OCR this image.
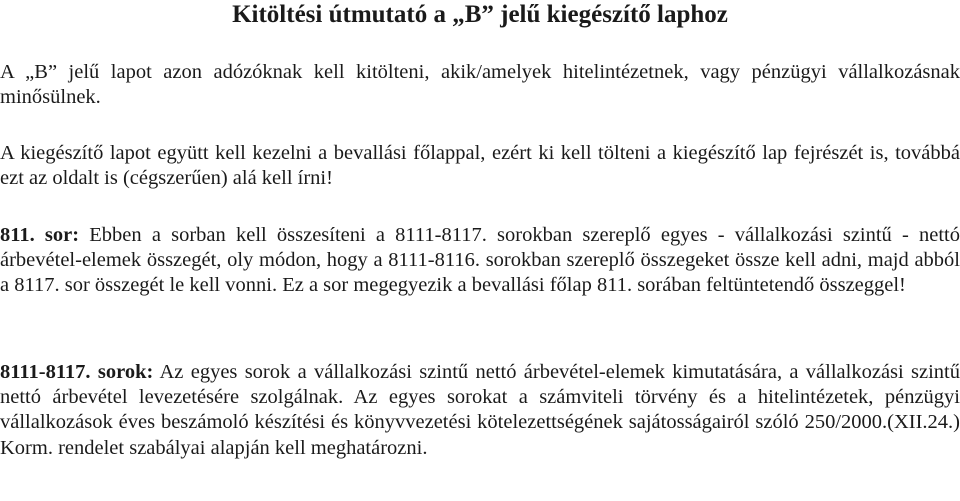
Kitöltési útmutató a „B” jelű kiegészítő laphoz

A „B” jelű lapot azon adózóknak kell kitölteni, akik/amelyek hitelintézetnek, vagy pénzügyi vállalkozásnak minősülnek.

A kiegészítő lapot együtt kell kezelni a bevallási főlappal, ezért ki kell tölteni a kiegészítő lap fejrészét is, továbbá ezt az oldalt is (cégszerűen) alá kell írni!

811. sor: Ebben a sorban kell összesíteni a 8111-8117. sorokban szereplő egyes - vállalkozási szintű - nettó árbevétel-elemek összegét, oly módon, hogy a 8111-8116. sorokban szereplő összegeket össze kell adni, majd abból a 8117. sor összegét le kell vonni. Ez a sor megegyezik a bevallási főlap 811. sorában feltüntetendő összeggel!

8111-8117. sorok: Az egyes sorok a vállalkozási szintű nettó árbevétel-elemek kimutatására, a vállalkozási szintű nettó árbevétel levezetésére szolgálnak. Az egyes sorokat a számviteli törvény és a hitelintézetek, pénzügyi vállalkozások éves beszámoló készítési és könyvvezetési kötelezettségének sajátosságairól szóló 250/2000.(XII.24.) Korm. rendelet szabályai alapján kell meghatározni.
